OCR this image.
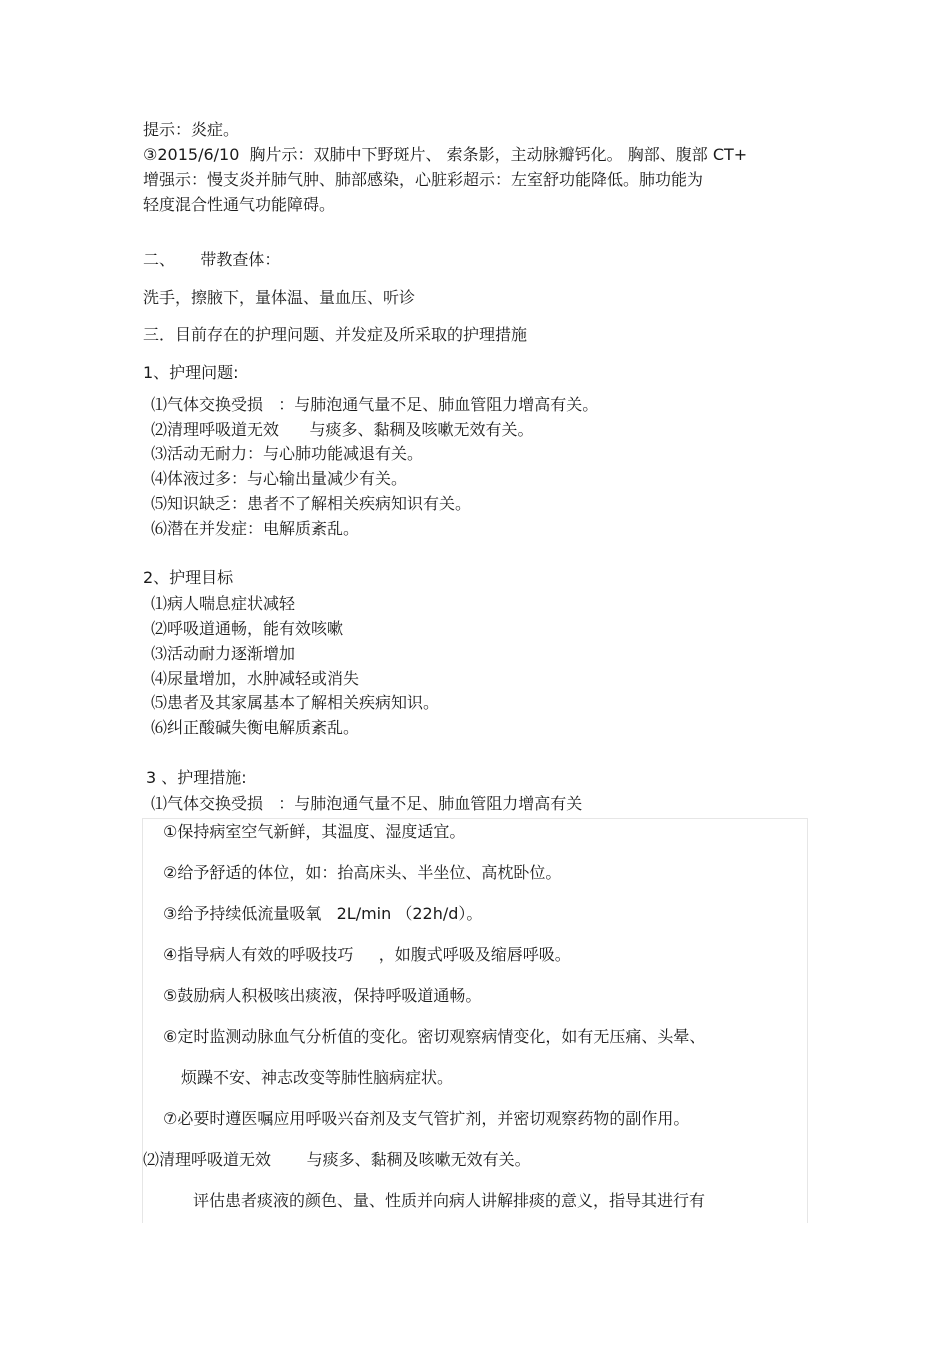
提示：炎症。
③2015/6/10  胸片示：双肺中下野斑片、 索条影，主动脉瓣钙化。 胸部、腹部 CT+
增强示：慢支炎并肺气肿、肺部感染，心脏彩超示：左室舒功能降低。肺功能为
轻度混合性通气功能障碍。
二、     带教查体：
洗手，擦腋下，量体温、量血压、听诊
三．目前存在的护理问题、并发症及所采取的护理措施
1、护理问题:
⑴气体交换受损   ：与肺泡通气量不足、肺血管阻力增高有关。
⑵清理呼吸道无效      与痰多、黏稠及咳嗽无效有关。
⑶活动无耐力：与心肺功能减退有关。
⑷体液过多：与心输出量减少有关。
⑸知识缺乏：患者不了解相关疾病知识有关。
⑹潜在并发症：电解质紊乱。
2、护理目标
⑴病人喘息症状减轻
⑵呼吸道通畅，能有效咳嗽
⑶活动耐力逐渐增加
⑷尿量增加，水肿减轻或消失
⑸患者及其家属基本了解相关疾病知识。
⑹纠正酸碱失衡电解质紊乱。
3 、护理措施:
⑴气体交换受损   ：与肺泡通气量不足、肺血管阻力增高有关
①保持病室空气新鲜，其温度、湿度适宜。
②给予舒适的体位，如：抬高床头、半坐位、高枕卧位。
③给予持续低流量吸氧   2L/min （22h/d）。
④指导病人有效的呼吸技巧     ，如腹式呼吸及缩唇呼吸。
⑤鼓励病人积极咳出痰液，保持呼吸道通畅。
⑥定时监测动脉血气分析值的变化。密切观察病情变化，如有无压痛、头晕、
烦躁不安、神志改变等肺性脑病症状。
⑦必要时遵医嘱应用呼吸兴奋剂及支气管扩剂，并密切观察药物的副作用。
⑵清理呼吸道无效       与痰多、黏稠及咳嗽无效有关。
评估患者痰液的颜色、量、性质并向病人讲解排痰的意义，指导其进行有
